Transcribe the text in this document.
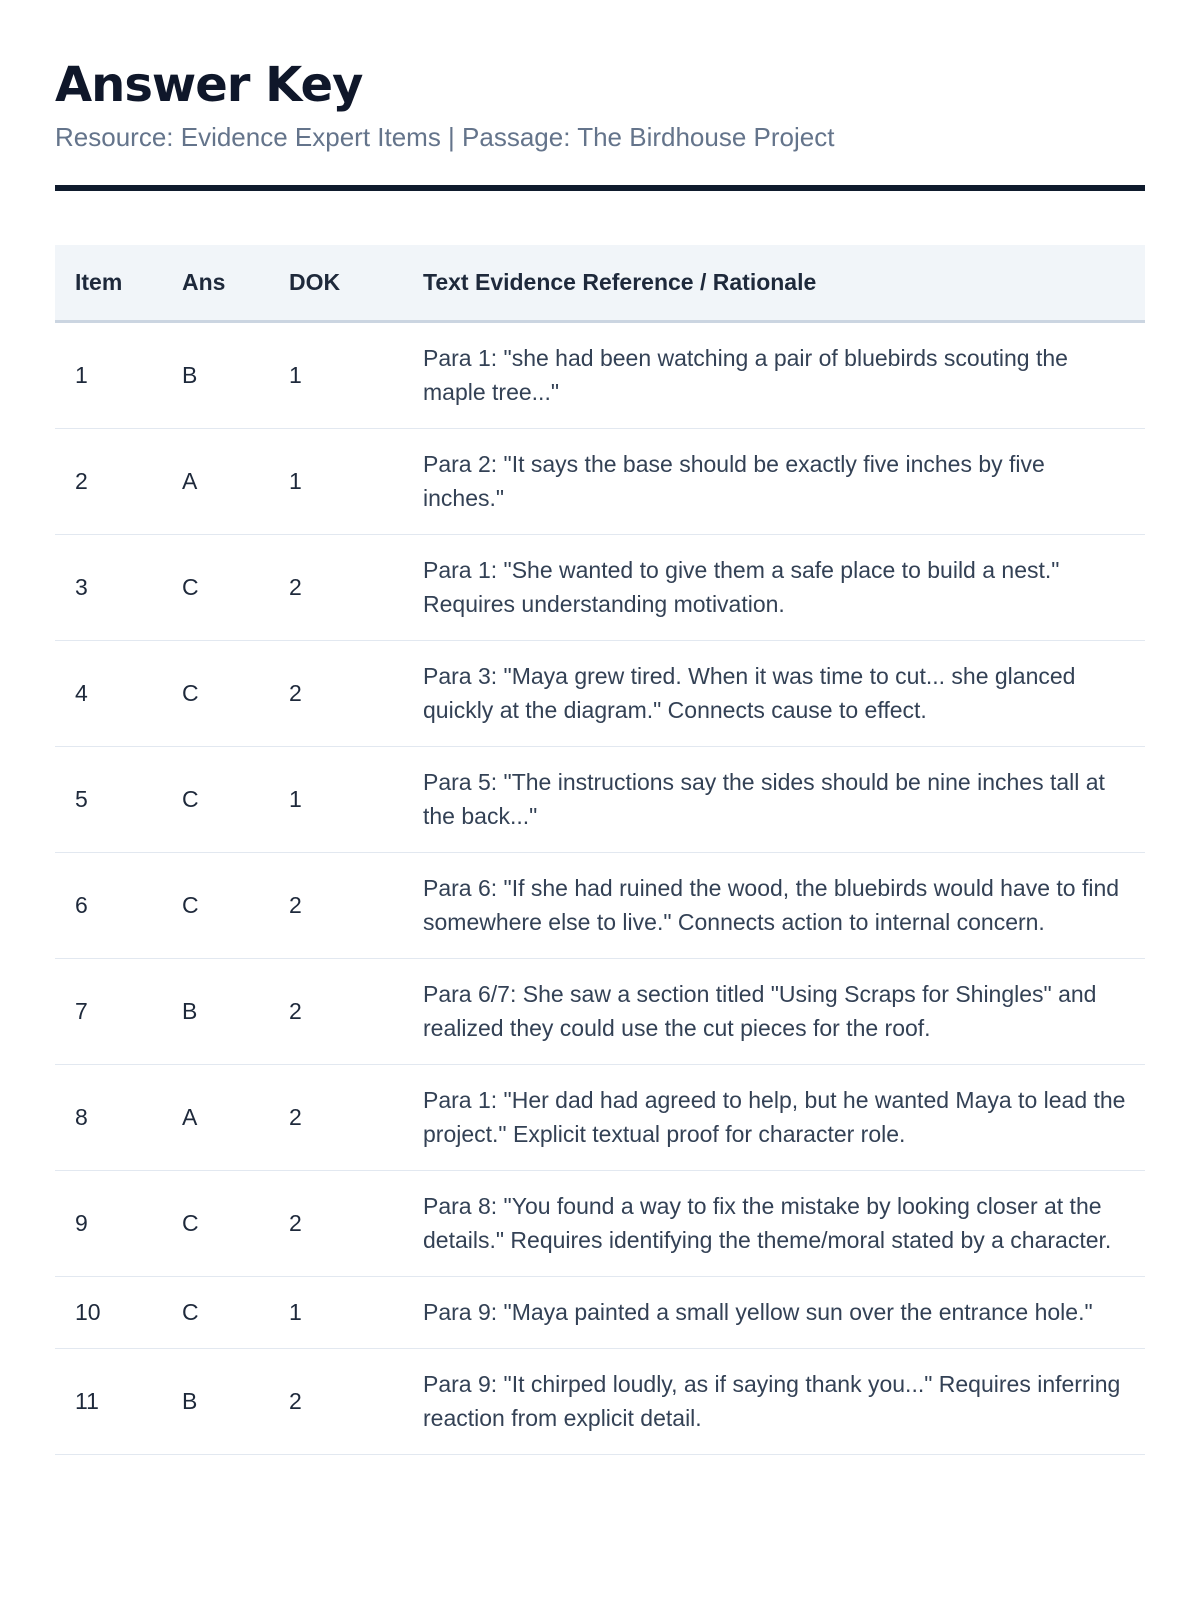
Answer Key
Resource: Evidence Expert Items | Passage: The Birdhouse Project
Item	Ans	DOK	Text Evidence Reference / Rationale
1	B	1	Para 1: "she had been watching a pair of bluebirds scouting the maple tree..."
2	A	1	Para 2: "It says the base should be exactly five inches by five inches."
3	C	2	Para 1: "She wanted to give them a safe place to build a nest." Requires understanding motivation.
4	C	2	Para 3: "Maya grew tired. When it was time to cut... she glanced quickly at the diagram." Connects cause to effect.
5	C	1	Para 5: "The instructions say the sides should be nine inches tall at the back..."
6	C	2	Para 6: "If she had ruined the wood, the bluebirds would have to find somewhere else to live." Connects action to internal concern.
7	B	2	Para 6/7: She saw a section titled "Using Scraps for Shingles" and realized they could use the cut pieces for the roof.
8	A	2	Para 1: "Her dad had agreed to help, but he wanted Maya to lead the project." Explicit textual proof for character role.
9	C	2	Para 8: "You found a way to fix the mistake by looking closer at the details." Requires identifying the theme/moral stated by a character.
10	C	1	Para 9: "Maya painted a small yellow sun over the entrance hole."
11	B	2	Para 9: "It chirped loudly, as if saying thank you..." Requires inferring reaction from explicit detail.
